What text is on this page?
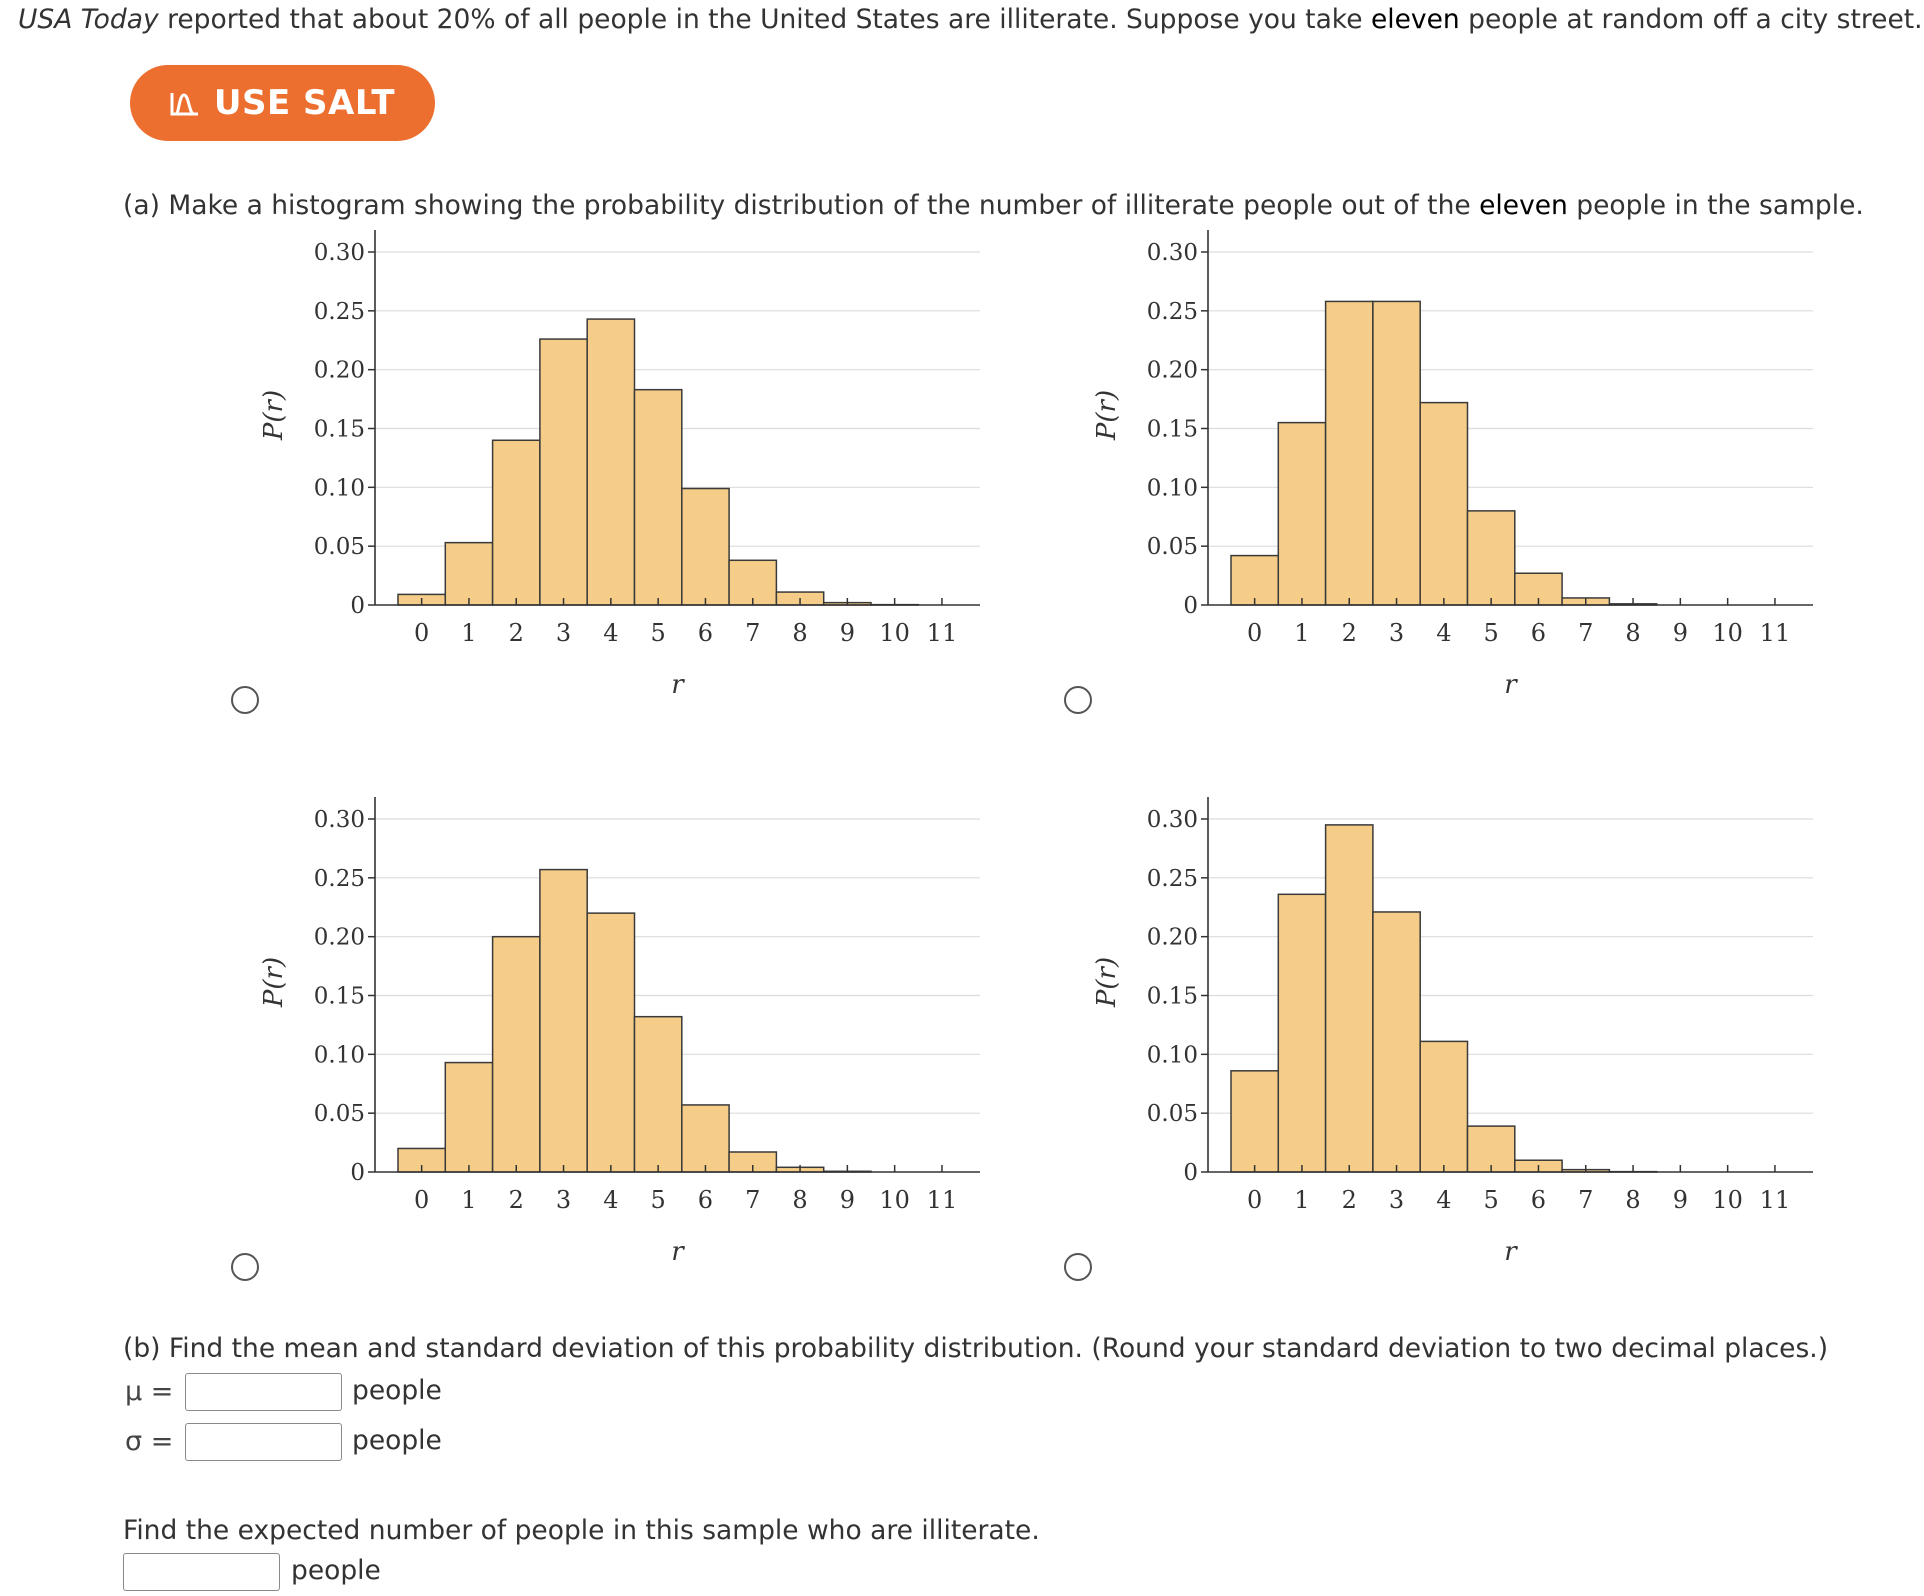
USA Today reported that about 20% of all people in the United States are illiterate. Suppose you take eleven people at random off a city street.
USE SALT
(a) Make a histogram showing the probability distribution of the number of illiterate people out of the eleven people in the sample.
0
0.05
0.10
0.15
0.20
0.25
0.30
0 1 2 3 4 5 6 7 8 9 10 11
r
P(r)
0
0.05
0.10
0.15
0.20
0.25
0.30
0 1 2 3 4 5 6 7 8 9 10 11
r
P(r)
0
0.05
0.10
0.15
0.20
0.25
0.30
0 1 2 3 4 5 6 7 8 9 10 11
r
P(r)
0
0.05
0.10
0.15
0.20
0.25
0.30
0 1 2 3 4 5 6 7 8 9 10 11
r
P(r)
(b) Find the mean and standard deviation of this probability distribution. (Round your standard deviation to two decimal places.)
μ =	people
σ =	people
Find the expected number of people in this sample who are illiterate.
people
